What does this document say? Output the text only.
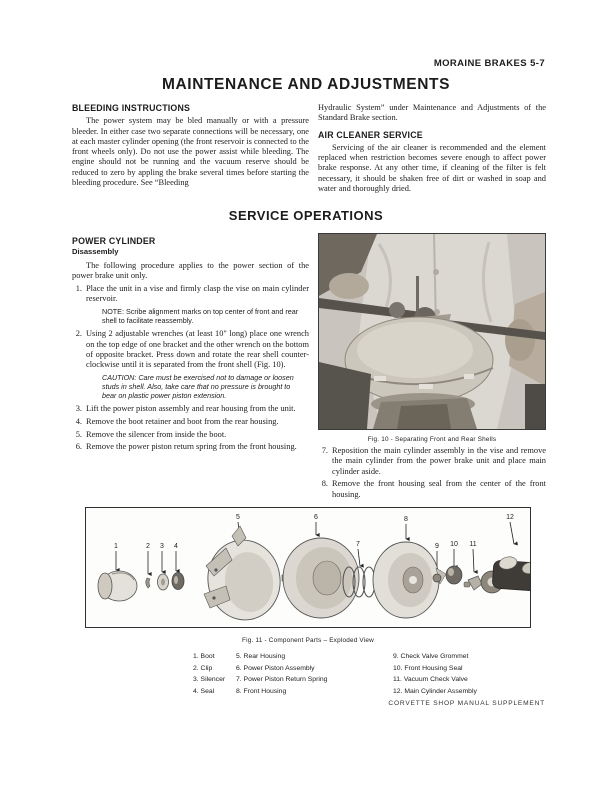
MORAINE BRAKES 5-7
MAINTENANCE AND ADJUSTMENTS
BLEEDING INSTRUCTIONS

The power system may be bled manually or with a pressure bleeder. In either case two separate connections will be necessary, one at each master cylinder opening (the front reservoir is connected to the front wheels only). Do not use the power assist while bleeding. The engine should not be running and the vacuum reserve should be reduced to zero by appling the brake several times before starting the bleeding procedure. See “Bleeding

Hydraulic System” under Maintenance and Adjustments of the Standard Brake section.

AIR CLEANER SERVICE

Servicing of the air cleaner is recommended and the element replaced when restriction becomes severe enough to affect power brake response. At any other time, if cleaning of the filter is felt necessary, it should be shaken free of dirt or washed in soap and water and thoroughly dried.

SERVICE OPERATIONS
POWER CYLINDER
Disassembly

The following procedure applies to the power section of the power brake unit only.

1. Place the unit in a vise and firmly clasp the vise on main cylinder reservoir.
NOTE: Scribe alignment marks on top center of front and rear shell to facilitate reassembly.
2. Using 2 adjustable wrenches (at least 10" long) place one wrench on the top edge of one bracket and the other wrench on the bottom of opposite bracket. Press down and rotate the rear shell counter-clockwise until it is separated from the front shell (Fig. 10).
CAUTION: Care must be exercised not to damage or loosen studs in shell. Also, take care that no pressure is brought to bear on plastic power piston extension.
3. Lift the power piston assembly and rear housing from the unit.
4. Remove the boot retainer and boot from the rear housing.
5. Remove the silencer from inside the boot.
6. Remove the power piston return spring from the front housing.
Fig. 10 - Separating Front and Rear Shells
7. Reposition the main cylinder assembly in the vise and remove the main cylinder from the power brake unit and place main cylinder aside.
8. Remove the front housing seal from the center of the front housing.
1	2 3 4
5	6
7
8
9 10 11
12
Fig. 11 - Component Parts – Exploded View
1. Boot
2. Clip
3. Silencer
4. Seal
5. Rear Housing
6. Power Piston Assembly
7. Power Piston Return Spring
8. Front Housing
9. Check Valve Grommet
10. Front Housing Seal
11. Vacuum Check Valve
12. Main Cylinder Assembly
CORVETTE SHOP MANUAL SUPPLEMENT
